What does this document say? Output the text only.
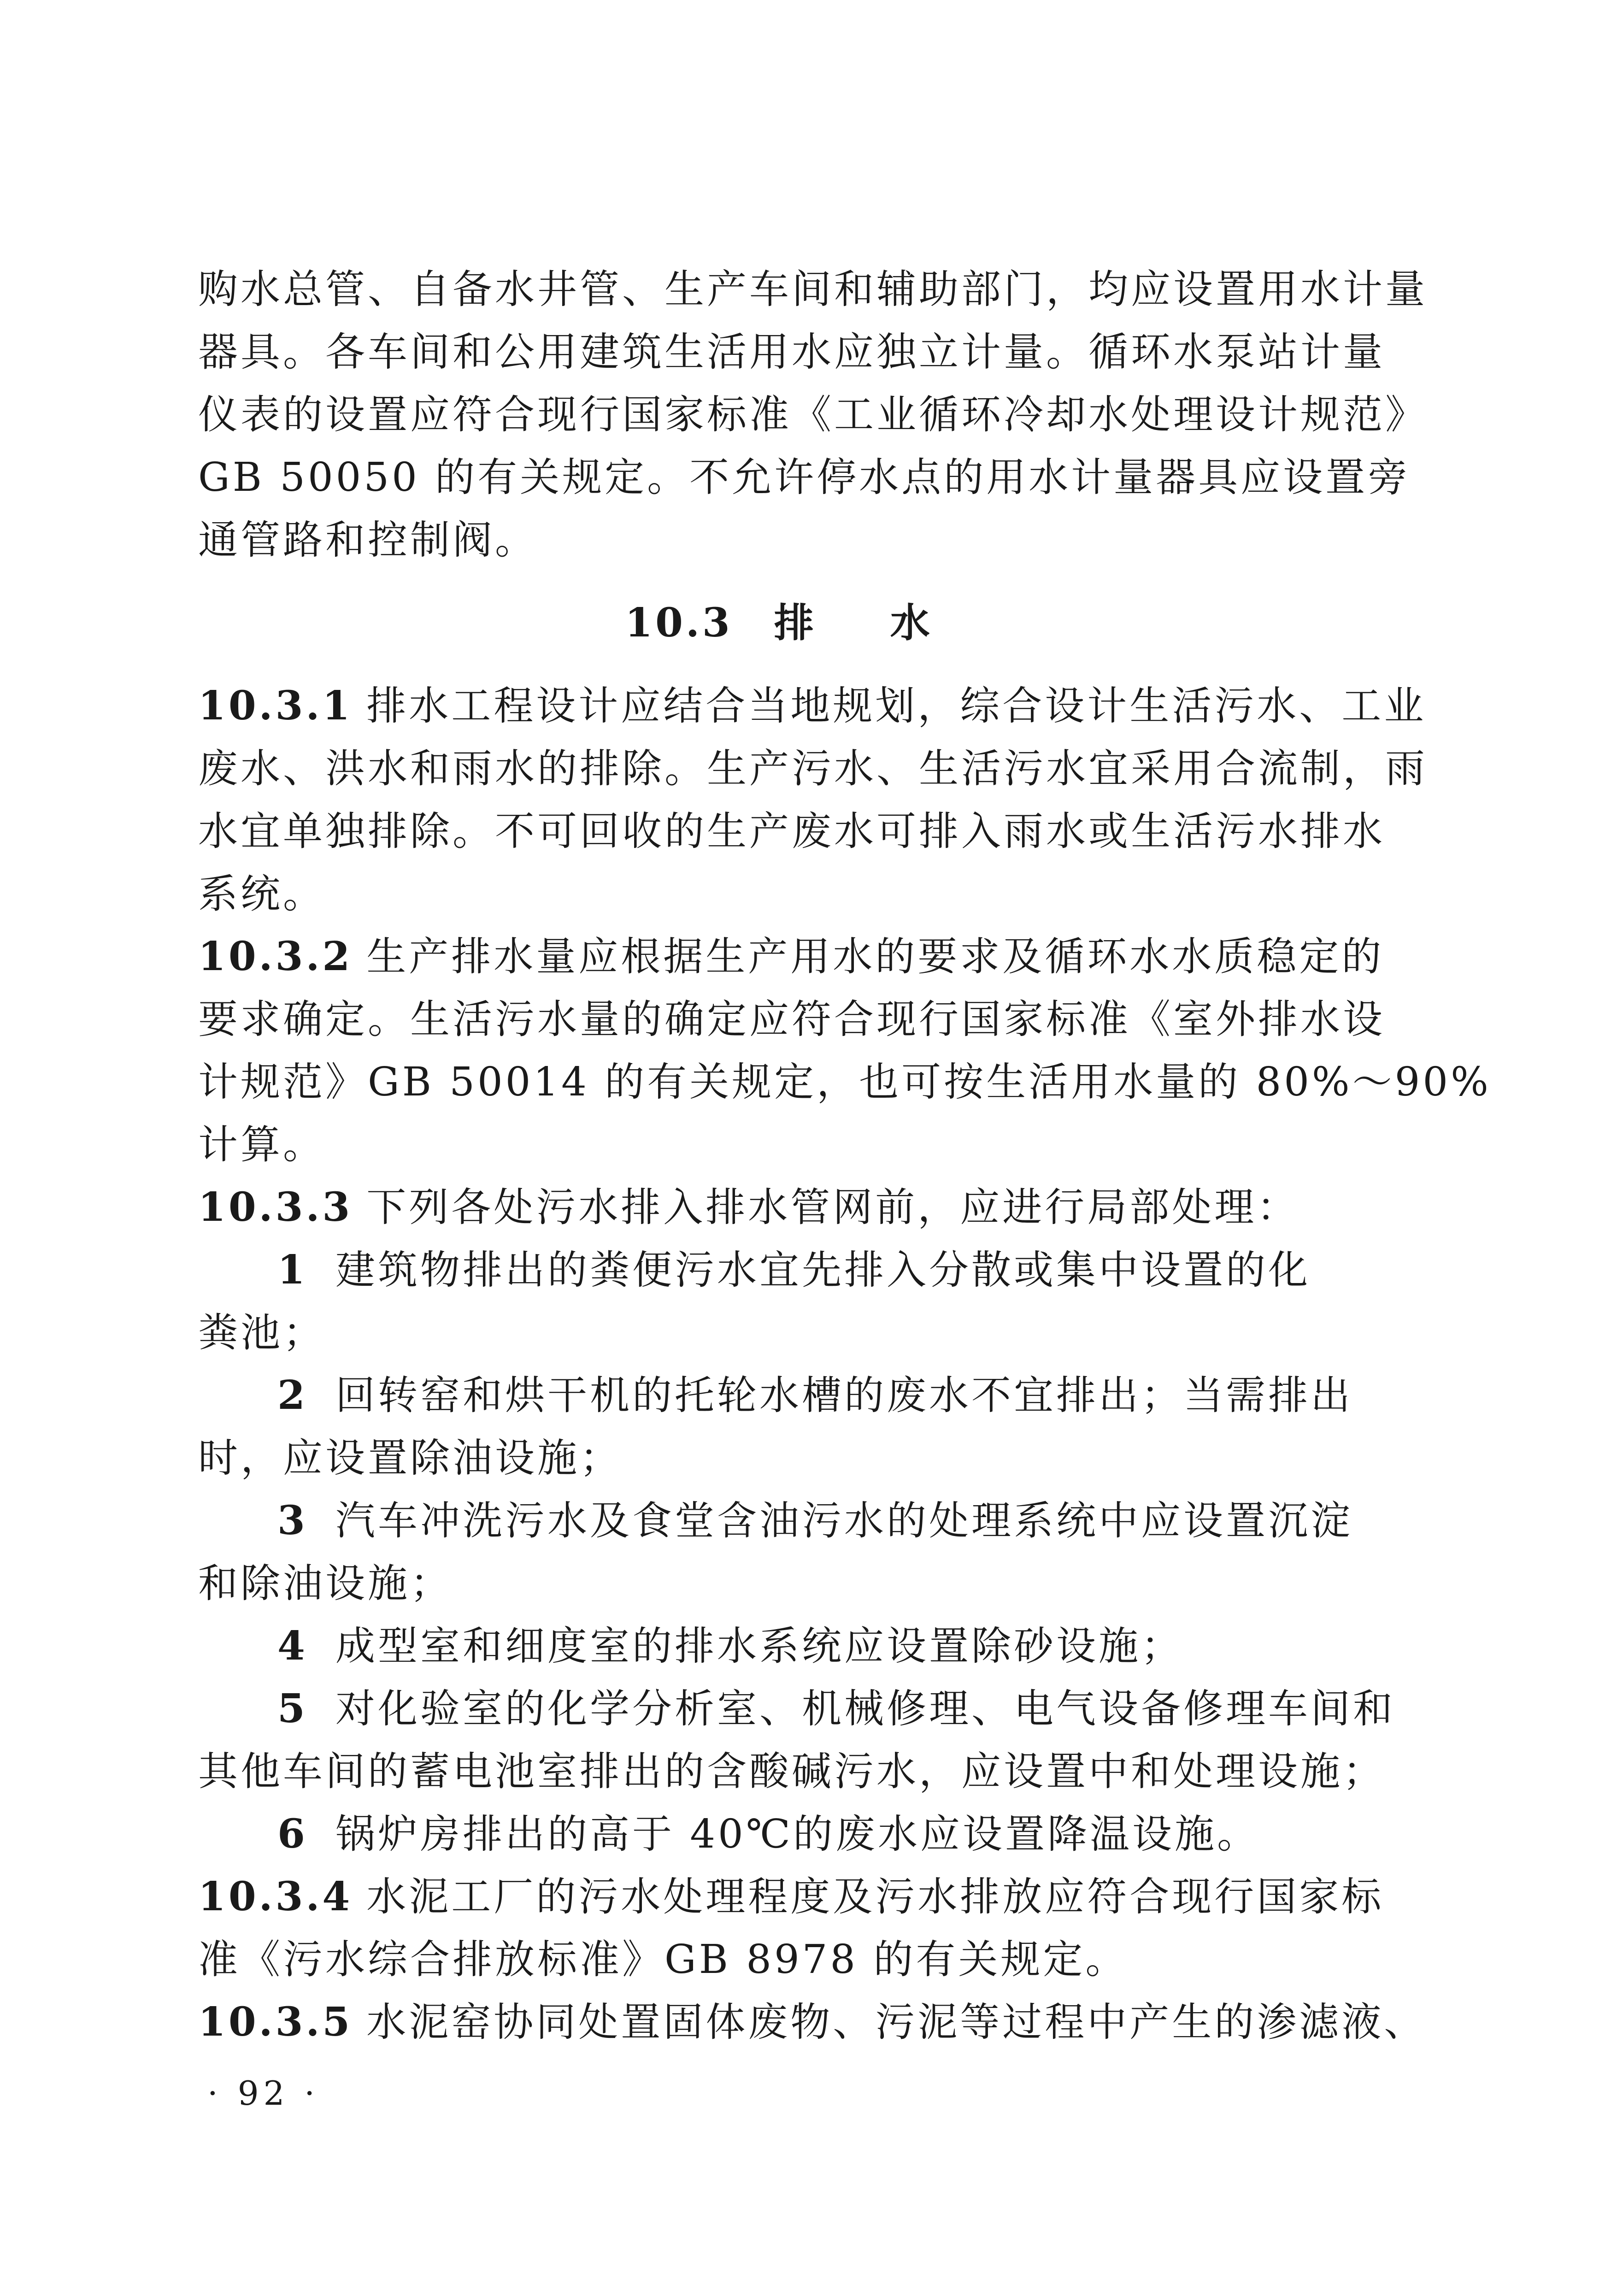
购水总管、自备水井管、生产车间和辅助部门，均应设置用水计量
器具。各车间和公用建筑生活用水应独立计量。循环水泵站计量
仪表的设置应符合现行国家标准《工业循环冷却水处理设计规范》
GB 50050 的有关规定。不允许停水点的用水计量器具应设置旁
通管路和控制阀。
10.3 排 水
10.3.1 排水工程设计应结合当地规划，综合设计生活污水、工业
废水、洪水和雨水的排除。生产污水、生活污水宜采用合流制，雨
水宜单独排除。不可回收的生产废水可排入雨水或生活污水排水
系统。
10.3.2 生产排水量应根据生产用水的要求及循环水水质稳定的
要求确定。生活污水量的确定应符合现行国家标准《室外排水设
计规范》GB 50014 的有关规定，也可按生活用水量的 80%～90%
计算。
10.3.3 下列各处污水排入排水管网前，应进行局部处理：
1 建筑物排出的粪便污水宜先排入分散或集中设置的化
粪池；
2 回转窑和烘干机的托轮水槽的废水不宜排出；当需排出
时，应设置除油设施；
3 汽车冲洗污水及食堂含油污水的处理系统中应设置沉淀
和除油设施；
4 成型室和细度室的排水系统应设置除砂设施；
5 对化验室的化学分析室、机械修理、电气设备修理车间和
其他车间的蓄电池室排出的含酸碱污水，应设置中和处理设施；
6 锅炉房排出的高于 40℃的废水应设置降温设施。
10.3.4 水泥工厂的污水处理程度及污水排放应符合现行国家标
准《污水综合排放标准》GB 8978 的有关规定。
10.3.5 水泥窑协同处置固体废物、污泥等过程中产生的渗滤液、
· 92 ·
